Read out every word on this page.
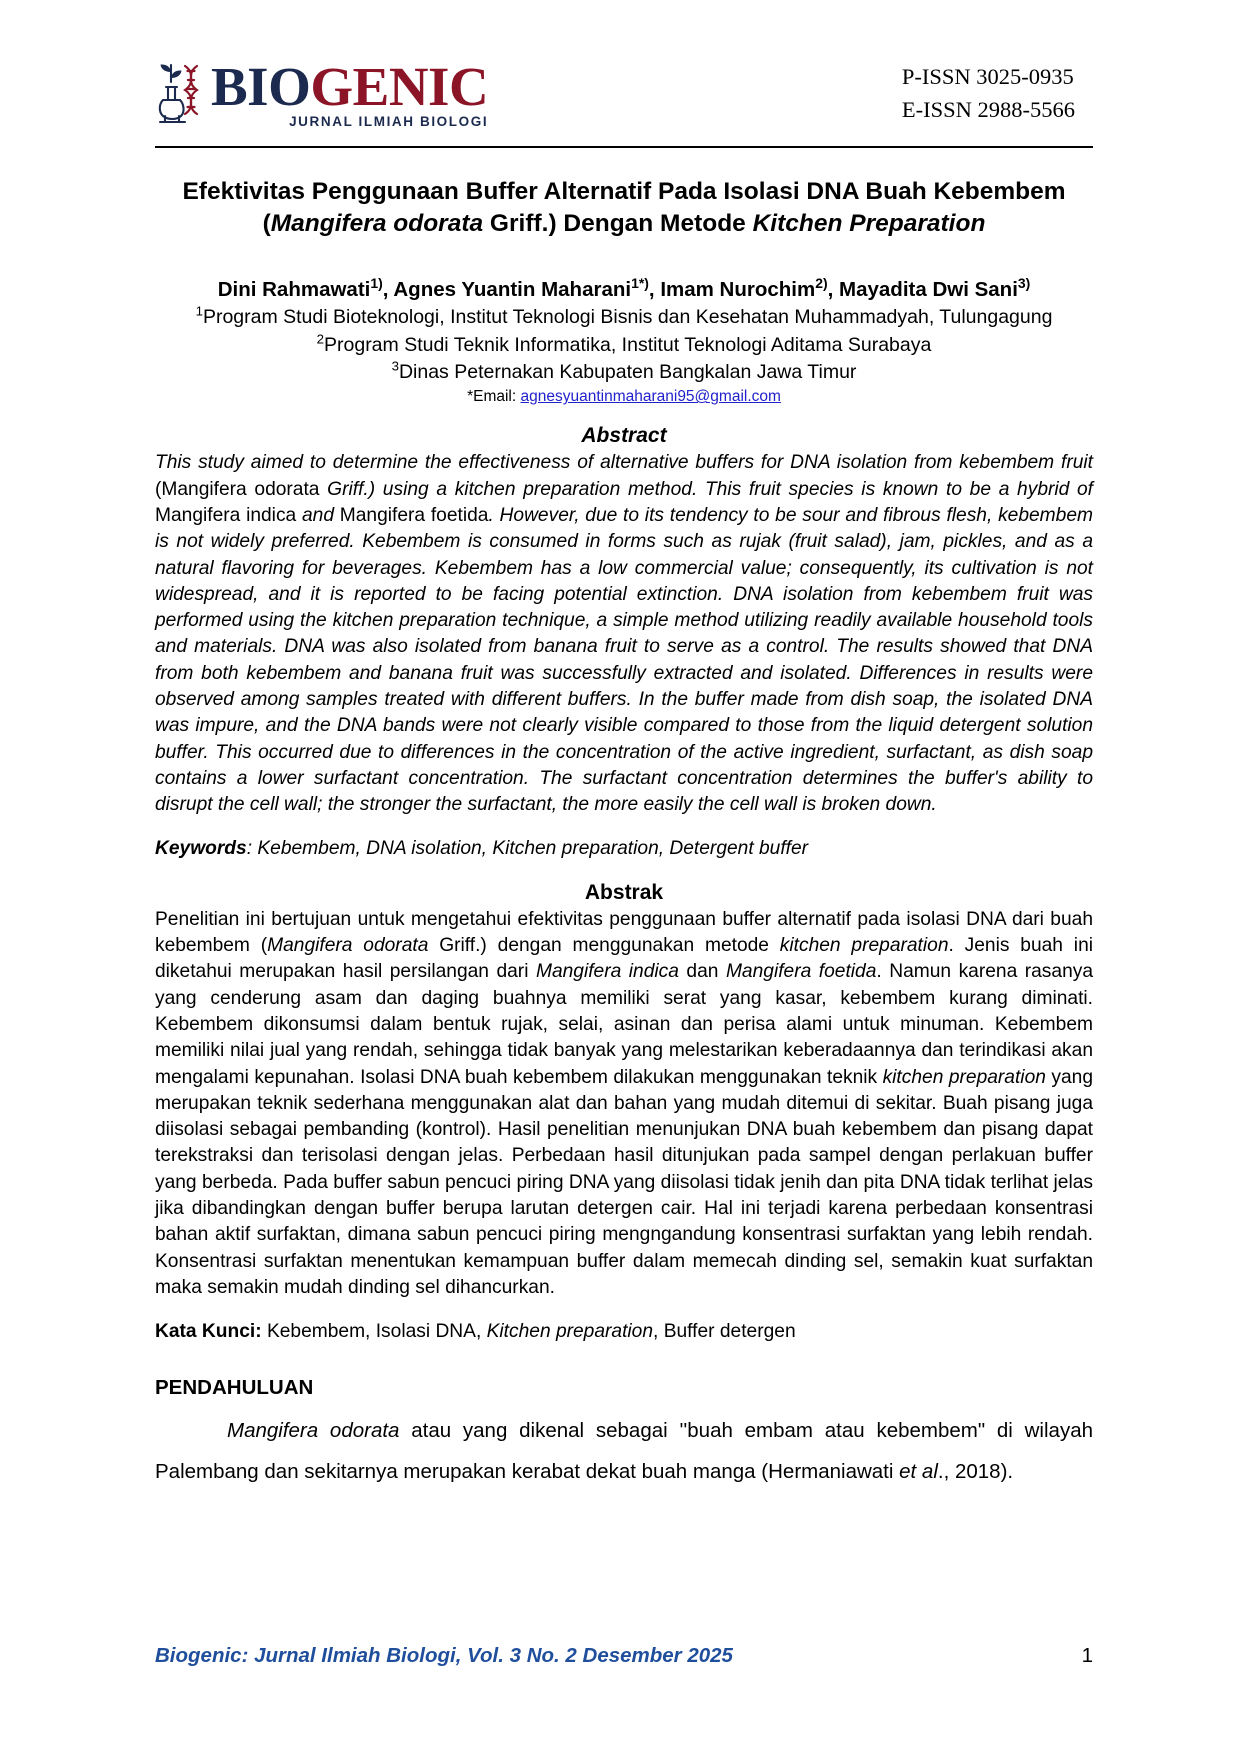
BIOGENIC
JURNAL ILMIAH BIOLOGI
P-ISSN 3025-0935
E-ISSN 2988-5566
Efektivitas Penggunaan Buffer Alternatif Pada Isolasi DNA Buah Kebembem
(Mangifera odorata Griff.) Dengan Metode Kitchen Preparation
Dini Rahmawati$^{1)}$, Agnes Yuantin Maharani$^{1*)}$, Imam Nurochim$^{2)}$, Mayadita Dwi Sani$^{3)}$
$^1$Program Studi Bioteknologi, Institut Teknologi Bisnis dan Kesehatan Muhammadyah, Tulungagung
$^2$Program Studi Teknik Informatika, Institut Teknologi Aditama Surabaya
$^3$Dinas Peternakan Kabupaten Bangkalan Jawa Timur
*Email: agnesyuantinmaharani95@gmail.com
Abstract

This study aimed to determine the effectiveness of alternative buffers for DNA isolation from kebembem fruit (Mangifera odorata Griff.) using a kitchen preparation method. This fruit species is known to be a hybrid of Mangifera indica and Mangifera foetida. However, due to its tendency to be sour and fibrous flesh, kebembem is not widely preferred. Kebembem is consumed in forms such as rujak (fruit salad), jam, pickles, and as a natural flavoring for beverages. Kebembem has a low commercial value; consequently, its cultivation is not widespread, and it is reported to be facing potential extinction. DNA isolation from kebembem fruit was performed using the kitchen preparation technique, a simple method utilizing readily available household tools and materials. DNA was also isolated from banana fruit to serve as a control. The results showed that DNA from both kebembem and banana fruit was successfully extracted and isolated. Differences in results were observed among samples treated with different buffers. In the buffer made from dish soap, the isolated DNA was impure, and the DNA bands were not clearly visible compared to those from the liquid detergent solution buffer. This occurred due to differences in the concentration of the active ingredient, surfactant, as dish soap contains a lower surfactant concentration. The surfactant concentration determines the buffer's ability to disrupt the cell wall; the stronger the surfactant, the more easily the cell wall is broken down.

Keywords: Kebembem, DNA isolation, Kitchen preparation, Detergent buffer

Abstrak

Penelitian ini bertujuan untuk mengetahui efektivitas penggunaan buffer alternatif pada isolasi DNA dari buah kebembem (Mangifera odorata Griff.) dengan menggunakan metode kitchen preparation. Jenis buah ini diketahui merupakan hasil persilangan dari Mangifera indica dan Mangifera foetida. Namun karena rasanya yang cenderung asam dan daging buahnya memiliki serat yang kasar, kebembem kurang diminati. Kebembem dikonsumsi dalam bentuk rujak, selai, asinan dan perisa alami untuk minuman. Kebembem memiliki nilai jual yang rendah, sehingga tidak banyak yang melestarikan keberadaannya dan terindikasi akan mengalami kepunahan. Isolasi DNA buah kebembem dilakukan menggunakan teknik kitchen preparation yang merupakan teknik sederhana menggunakan alat dan bahan yang mudah ditemui di sekitar. Buah pisang juga diisolasi sebagai pembanding (kontrol). Hasil penelitian menunjukan DNA buah kebembem dan pisang dapat terekstraksi dan terisolasi dengan jelas. Perbedaan hasil ditunjukan pada sampel dengan perlakuan buffer yang berbeda. Pada buffer sabun pencuci piring DNA yang diisolasi tidak jenih dan pita DNA tidak terlihat jelas jika dibandingkan dengan buffer berupa larutan detergen cair. Hal ini terjadi karena perbedaan konsentrasi bahan aktif surfaktan, dimana sabun pencuci piring mengngandung konsentrasi surfaktan yang lebih rendah. Konsentrasi surfaktan menentukan kemampuan buffer dalam memecah dinding sel, semakin kuat surfaktan maka semakin mudah dinding sel dihancurkan.

Kata Kunci: Kebembem, Isolasi DNA, Kitchen preparation, Buffer detergen

PENDAHULUAN

Mangifera odorata atau yang dikenal sebagai ''buah embam atau kebembem" di wilayah Palembang dan sekitarnya merupakan kerabat dekat buah manga (Hermaniawati et al., 2018).

Biogenic: Jurnal Ilmiah Biologi, Vol. 3 No. 2 Desember 2025	1
